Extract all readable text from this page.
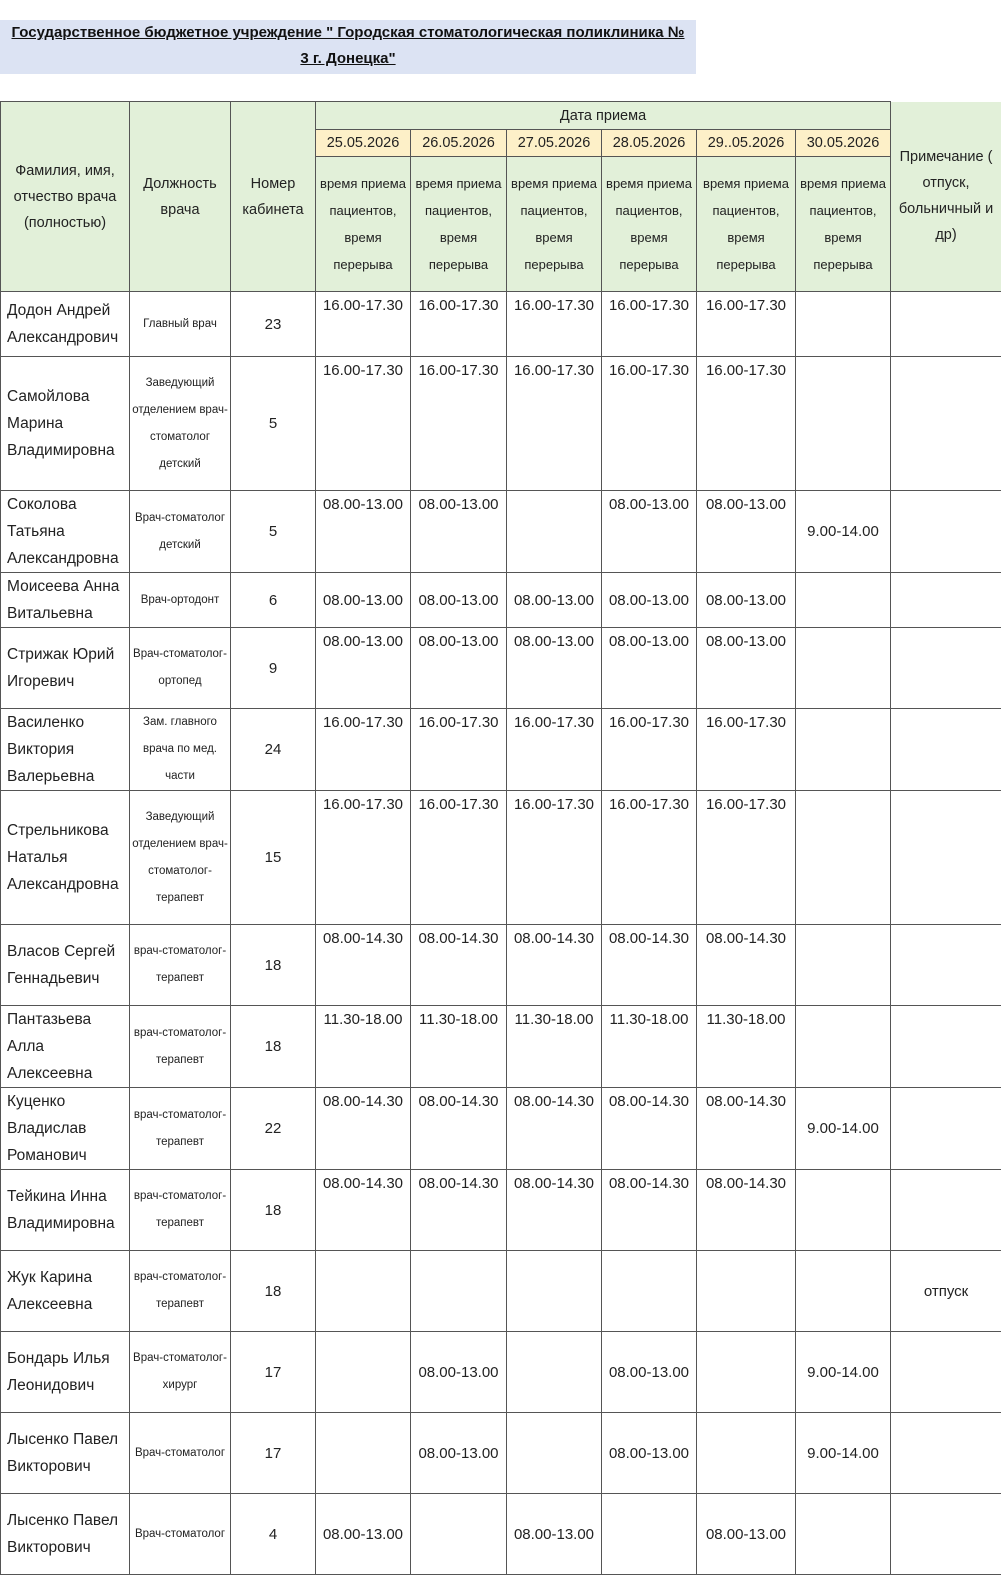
Государственное бюджетное учреждение " Городская стоматологическая поликлиника №
3 г. Донецка"
Фамилия, имя, отчество врача (полностью)	Должность врача	Номер кабинета	Дата приема						Примечание ( отпуск, больничный и др)
			25.05.2026	26.05.2026	27.05.2026	28.05.2026	29..05.2026	30.05.2026	
			время приема пациентов, время перерыва	время приема пациентов, время перерыва	время приема пациентов, время перерыва	время приема пациентов, время перерыва	время приема пациентов, время перерыва	время приема пациентов, время перерыва	
Додон Андрей Александрович	Главный врач	23	16.00-17.30	16.00-17.30	16.00-17.30	16.00-17.30	16.00-17.30		
Самойлова Марина Владимировна	Заведующий отделением врач-стоматолог детский	5	16.00-17.30	16.00-17.30	16.00-17.30	16.00-17.30	16.00-17.30		
Соколова Татьяна Александровна	Врач-стоматолог детский	5	08.00-13.00	08.00-13.00		08.00-13.00	08.00-13.00	9.00-14.00	
Моисеева Анна Витальевна	Врач-ортодонт	6	08.00-13.00	08.00-13.00	08.00-13.00	08.00-13.00	08.00-13.00		
Стрижак Юрий Игоревич	Врач-стоматолог-ортопед	9	08.00-13.00	08.00-13.00	08.00-13.00	08.00-13.00	08.00-13.00		
Василенко Виктория Валерьевна	Зам. главного врача по мед. части	24	16.00-17.30	16.00-17.30	16.00-17.30	16.00-17.30	16.00-17.30		
Стрельникова Наталья Александровна	Заведующий отделением врач-стоматолог-терапевт	15	16.00-17.30	16.00-17.30	16.00-17.30	16.00-17.30	16.00-17.30		
Власов Сергей Геннадьевич	врач-стоматолог-терапевт	18	08.00-14.30	08.00-14.30	08.00-14.30	08.00-14.30	08.00-14.30		
Пантазьева Алла Алексеевна	врач-стоматолог-терапевт	18	11.30-18.00	11.30-18.00	11.30-18.00	11.30-18.00	11.30-18.00		
Куценко Владислав Романович	врач-стоматолог-терапевт	22	08.00-14.30	08.00-14.30	08.00-14.30	08.00-14.30	08.00-14.30	9.00-14.00	
Тейкина Инна Владимировна	врач-стоматолог-терапевт	18	08.00-14.30	08.00-14.30	08.00-14.30	08.00-14.30	08.00-14.30		
Жук Карина Алексеевна	врач-стоматолог-терапевт	18							отпуск
Бондарь Илья Леонидович	Врач-стоматолог-хирург	17		08.00-13.00		08.00-13.00		9.00-14.00	
Лысенко Павел Викторович	Врач-стоматолог	17		08.00-13.00		08.00-13.00		9.00-14.00	
Лысенко Павел Викторович	Врач-стоматолог	4	08.00-13.00		08.00-13.00		08.00-13.00		
